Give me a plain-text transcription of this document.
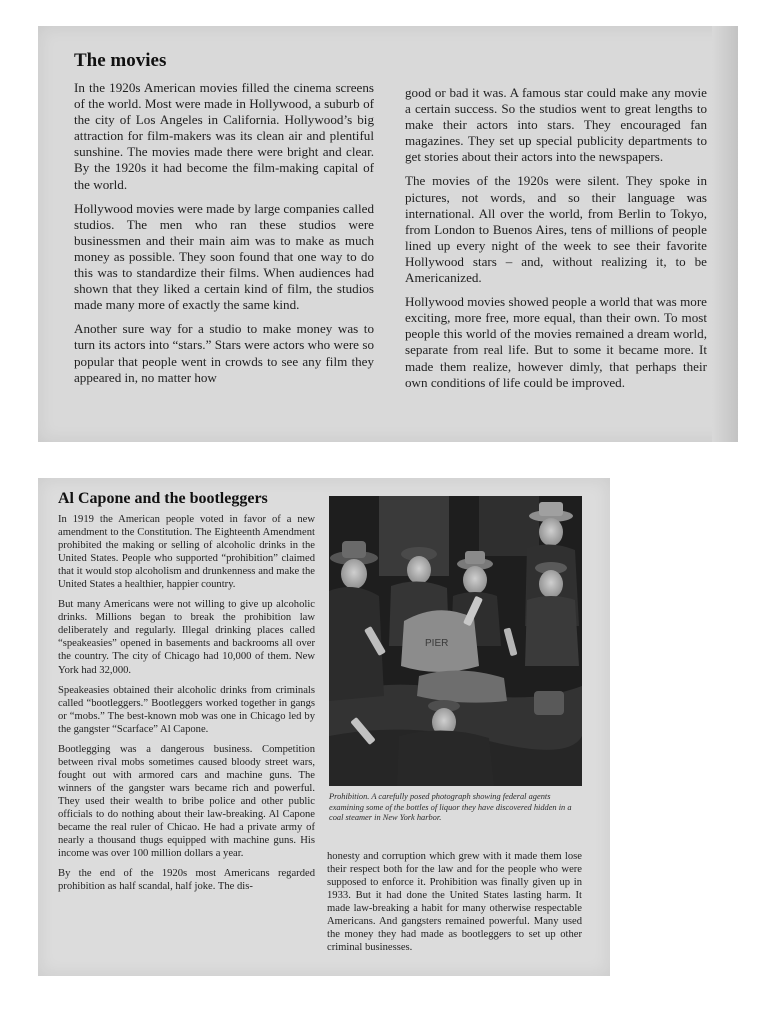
The movies

In the 1920s American movies filled the cinema screens of the world. Most were made in Hollywood, a suburb of the city of Los Angeles in California. Hollywood’s big attraction for film-makers was its clean air and plentiful sunshine. The movies made there were bright and clear. By the 1920s it had become the film-making capital of the world.

Hollywood movies were made by large companies called studios. The men who ran these studios were businessmen and their main aim was to make as much money as possible. They soon found that one way to do this was to standardize their films. When audiences had shown that they liked a certain kind of film, the studios made many more of exactly the same kind.

Another sure way for a studio to make money was to turn its actors into “stars.” Stars were actors who were so popular that people went in crowds to see any film they appeared in, no matter how

good or bad it was. A famous star could make any movie a certain success. So the studios went to great lengths to make their actors into stars. They encouraged fan magazines. They set up special publicity departments to get stories about their actors into the newspapers.

The movies of the 1920s were silent. They spoke in pictures, not words, and so their language was international. All over the world, from Berlin to Tokyo, from London to Buenos Aires, tens of millions of people lined up every night of the week to see their favorite Hollywood stars – and, without realizing it, to be Americanized.

Hollywood movies showed people a world that was more exciting, more free, more equal, than their own. To most people this world of the movies remained a dream world, separate from real life. But to some it became more. It made them realize, however dimly, that perhaps their own conditions of life could be improved.

Al Capone and the bootleggers

In 1919 the American people voted in favor of a new amendment to the Constitution. The Eighteenth Amendment prohibited the making or selling of alcoholic drinks in the United States. People who supported “prohibition” claimed that it would stop alcoholism and drunkenness and make the United States a healthier, happier country.

But many Americans were not willing to give up alcoholic drinks. Millions began to break the prohibition law deliberately and regularly. Illegal drinking places called “speakeasies” opened in basements and backrooms all over the country. The city of Chicago had 10,000 of them. New York had 32,000.

Speakeasies obtained their alcoholic drinks from criminals called “bootleggers.” Bootleggers worked together in gangs or “mobs.” The best-known mob was one in Chicago led by the gangster “Scarface” Al Capone.

Bootlegging was a dangerous business. Competition between rival mobs sometimes caused bloody street wars, fought out with armored cars and machine guns. The winners of the gangster wars became rich and powerful. They used their wealth to bribe police and other public officials to do nothing about their law-breaking. Al Capone became the real ruler of Chicao. He had a private army of nearly a thousand thugs equipped with machine guns. His income was over 100 million dollars a year.

By the end of the 1920s most Americans regarded prohibition as half scandal, half joke. The dis-

PIER
Prohibition. A carefully posed photograph showing federal agents examining some of the bottles of liquor they have discovered hidden in a coal steamer in New York harbor.

honesty and corruption which grew with it made them lose their respect both for the law and for the people who were supposed to enforce it. Prohibition was finally given up in 1933. But it had done the United States lasting harm. It made law-breaking a habit for many otherwise respectable Americans. And gangsters remained powerful. Many used the money they had made as bootleggers to set up other criminal businesses.
